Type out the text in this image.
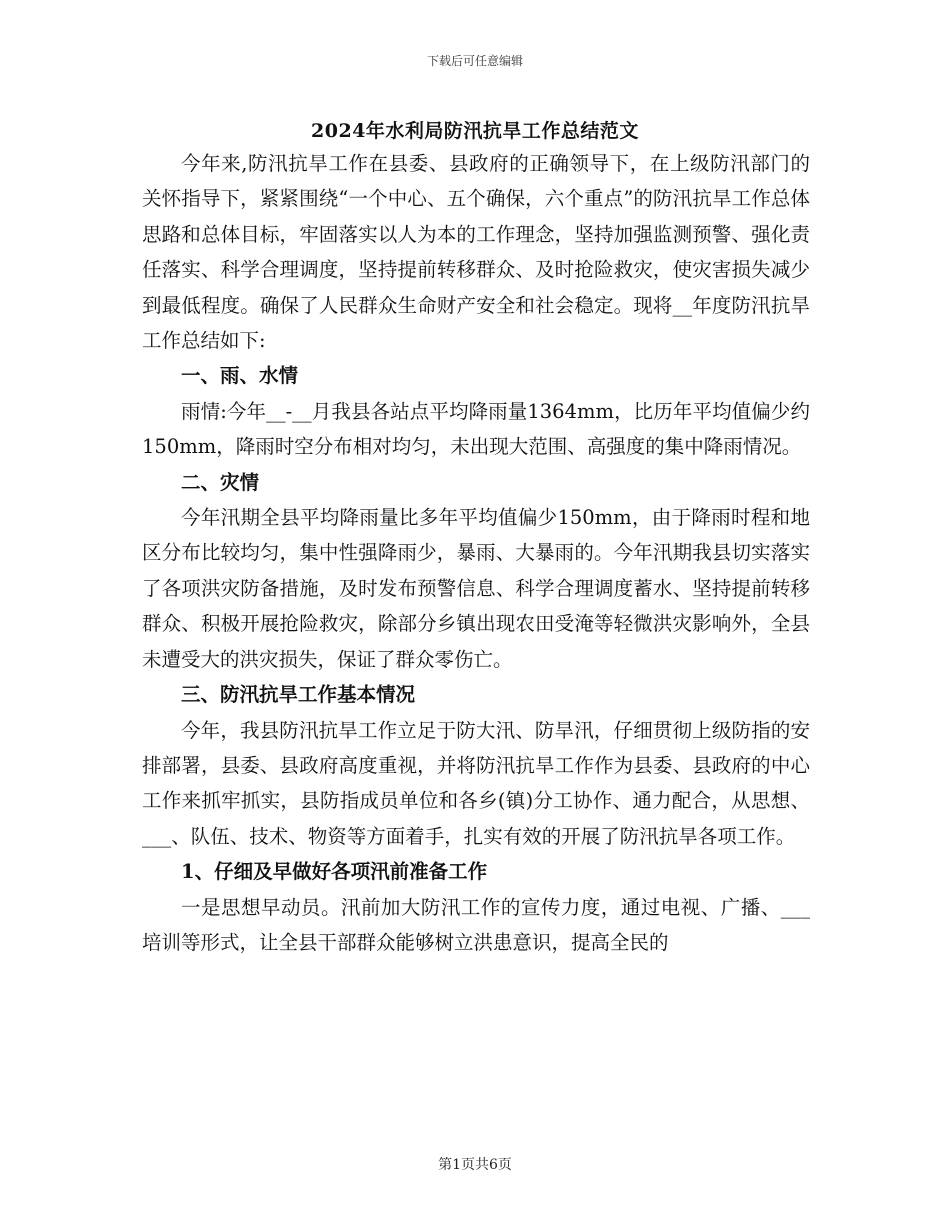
下载后可任意编辑
2024年水利局防汛抗旱工作总结范文

今年来,防汛抗旱工作在县委、县政府的正确领导下，在上级防汛部门的关怀指导下，紧紧围绕“一个中心、五个确保，六个重点”的防汛抗旱工作总体思路和总体目标，牢固落实以人为本的工作理念，坚持加强监测预警、强化责任落实、科学合理调度，坚持提前转移群众、及时抢险救灾，使灾害损失减少到最低程度。确保了人民群众生命财产安全和社会稳定。现将__年度防汛抗旱工作总结如下:

一、雨、水情

雨情:今年__-__月我县各站点平均降雨量1364mm，比历年平均值偏少约150mm，降雨时空分布相对均匀，未出现大范围、高强度的集中降雨情况。

二、灾情

今年汛期全县平均降雨量比多年平均值偏少150mm，由于降雨时程和地区分布比较均匀，集中性强降雨少，暴雨、大暴雨的。今年汛期我县切实落实了各项洪灾防备措施，及时发布预警信息、科学合理调度蓄水、坚持提前转移群众、积极开展抢险救灾，除部分乡镇出现农田受淹等轻微洪灾影响外，全县未遭受大的洪灾损失，保证了群众零伤亡。

三、防汛抗旱工作基本情况

今年，我县防汛抗旱工作立足于防大汛、防旱汛，仔细贯彻上级防指的安排部署，县委、县政府高度重视，并将防汛抗旱工作作为县委、县政府的中心工作来抓牢抓实，县防指成员单位和各乡(镇)分工协作、通力配合，从思想、___、队伍、技术、物资等方面着手，扎实有效的开展了防汛抗旱各项工作。

1、仔细及早做好各项汛前准备工作

一是思想早动员。汛前加大防汛工作的宣传力度，通过电视、广播、___培训等形式，让全县干部群众能够树立洪患意识，提高全民的

第1页共6页
